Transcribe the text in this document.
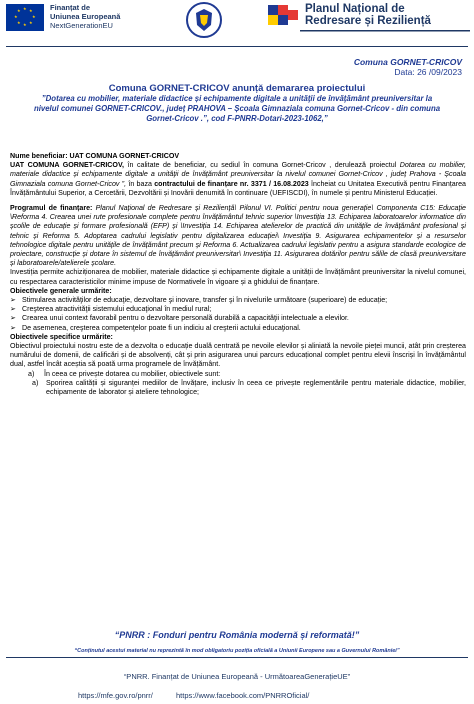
★ ★
★
★
★
★
★
★	Finanțat de
Uniunea Europeană
NextGenerationEU
Planul Național de
Redresare și Reziliență
Comuna GORNET-CRICOV
Data: 26 /09/2023
Comuna GORNET-CRICOV anunță demararea proiectului
”Dotarea cu mobilier, materiale didactice și echipamente digitale a unităţii de învăţământ preuniversitar la nivelul comunei GORNET-CRICOV., județ PRAHOVA – Școala Gimnaziala comuna Gornet-Cricov - din comuna Gornet-Cricov .”, cod F-PNRR-Dotari-2023-1062,”

Nume beneficiar: UAT COMUNA GORNET-CRICOV

UAT COMUNA GORNET-CRICOV, în calitate de beneficiar, cu sediul în comuna Gornet-Cricov , derulează proiectul Dotarea cu mobilier, materiale didactice și echipamente digitale a unităţii de învăţământ preuniversitar la nivelul comunei Gornet-Cricov , județ Prahova - Școala Gimnaziala comuna Gornet-Cricov ”, în baza contractului de finanțare nr. 3371 / 16.08.2023 încheiat cu Unitatea Executivă pentru Finanțarea Învățământului Superior, a Cercetării, Dezvoltării și Inovării denumită în continuare (UEFISCDI), în numele și pentru Ministerul Educației.

Programul de finanțare: Planul Național de Redresare și Reziliență\ Pilonul VI. Politici pentru noua generație\ Componenta C15: Educație \Reforma 4. Crearea unei rute profesionale complete pentru învățământul tehnic superior \Investiția 13. Echiparea laboratoarelor informatice din școlile de educație și formare profesională (EFP) și \Investiția 14. Echiparea atelierelor de practică din unitățile de învățământ profesional și tehnic și Reforma 5. Adoptarea cadrului legislativ pentru digitalizarea educației\ Investiția 9. Asigurarea echipamentelor și a resurselor tehnologice digitale pentru unitățile de învățământ precum și Reforma 6. Actualizarea cadrului legislativ pentru a asigura standarde ecologice de proiectare, construcție și dotare în sistemul de învățământ preuniversitar\ Investiția 11. Asigurarea dotărilor pentru sălile de clasă preuniversitare și laboratoarele/atelierele școlare.

Investiția permite achiziționarea de mobilier, materiale didactice și echipamente digitale a unității de învățământ preuniversitar la nivelul comunei, cu respectarea caracteristicilor minime impuse de Normativele în vigoare și a ghidului de finanțare.

Obiectivele generale urmărite:

➢ Stimularea activităţilor de educaţie, dezvoltare şi inovare, transfer şi în nivelurile următoare (superioare) de educație;
➢ Creşterea atractivităţii sistemului educaţional în mediul rural;
➢ Crearea unui context favorabil pentru o dezvoltare personală durabilă a capacităţii intelectuale a elevilor.
➢ De asemenea, creşterea competenţelor poate fi un indiciu al creşterii actului educaţional.

Obiectivele specifice urmărite:

Obiectivul proiectului nostru este de a dezvolta o educație duală centrată pe nevoile elevilor și aliniată la nevoile pieței muncii, atât prin creșterea numărului de domenii, de calificări și de absolvenți, cât și prin asigurarea unui parcurs educațional complet pentru elevii înscriși în învățământul dual, astfel încât aceștia să poată urma programele de învățământ.

a)	În ceea ce privește dotarea cu mobilier, obiectivele sunt:
a)	Sporirea calității și siguranței mediilor de învățare, inclusiv în ceea ce privește reglementările pentru materiale didactice, mobilier, echipamente de laborator și ateliere tehnologice;
“PNRR : Fonduri pentru România modernă și reformată!”
“Conținutul acestui material nu reprezintă în mod obligatoriu poziția oficială a Uniunii Europene sau a Guvernului României”
“PNRR. Finanțat de Uniunea Europeană - UrmătoareaGenerațieUE”
https://mfe.gov.ro/pnrr/	https://www.facebook.com/PNRROficial/
